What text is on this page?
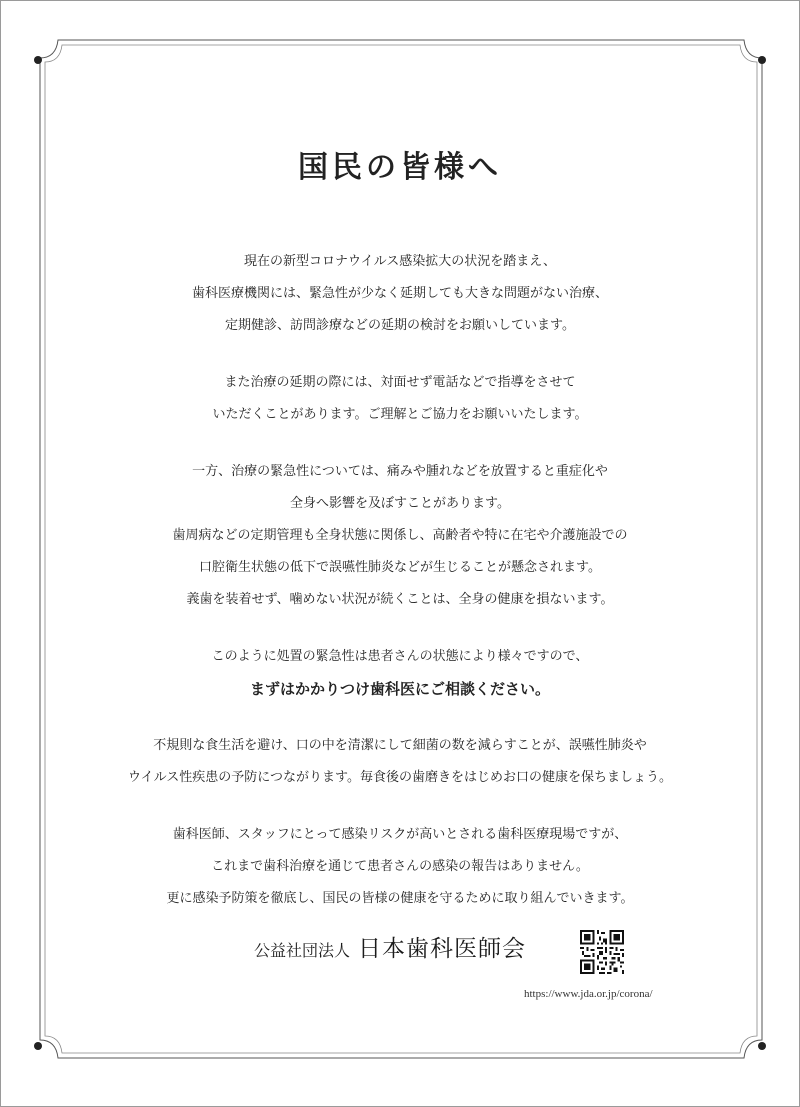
国民の皆様へ
現在の新型コロナウイルス感染拡大の状況を踏まえ、
歯科医療機関には、緊急性が少なく延期しても大きな問題がない治療、
定期健診、訪問診療などの延期の検討をお願いしています。
また治療の延期の際には、対面せず電話などで指導をさせて
いただくことがあります。ご理解とご協力をお願いいたします。
一方、治療の緊急性については、痛みや腫れなどを放置すると重症化や
全身へ影響を及ぼすことがあります。
歯周病などの定期管理も全身状態に関係し、高齢者や特に在宅や介護施設での
口腔衛生状態の低下で誤嚥性肺炎などが生じることが懸念されます。
義歯を装着せず、噛めない状況が続くことは、全身の健康を損ないます。
このように処置の緊急性は患者さんの状態により様々ですので、
まずはかかりつけ歯科医にご相談ください。
不規則な食生活を避け、口の中を清潔にして細菌の数を減らすことが、誤嚥性肺炎や
ウイルス性疾患の予防につながります。毎食後の歯磨きをはじめお口の健康を保ちましょう。
歯科医師、スタッフにとって感染リスクが高いとされる歯科医療現場ですが、
これまで歯科治療を通じて患者さんの感染の報告はありません。
更に感染予防策を徹底し、国民の皆様の健康を守るために取り組んでいきます。
公益社団法人 日本歯科医師会
https://www.jda.or.jp/corona/
